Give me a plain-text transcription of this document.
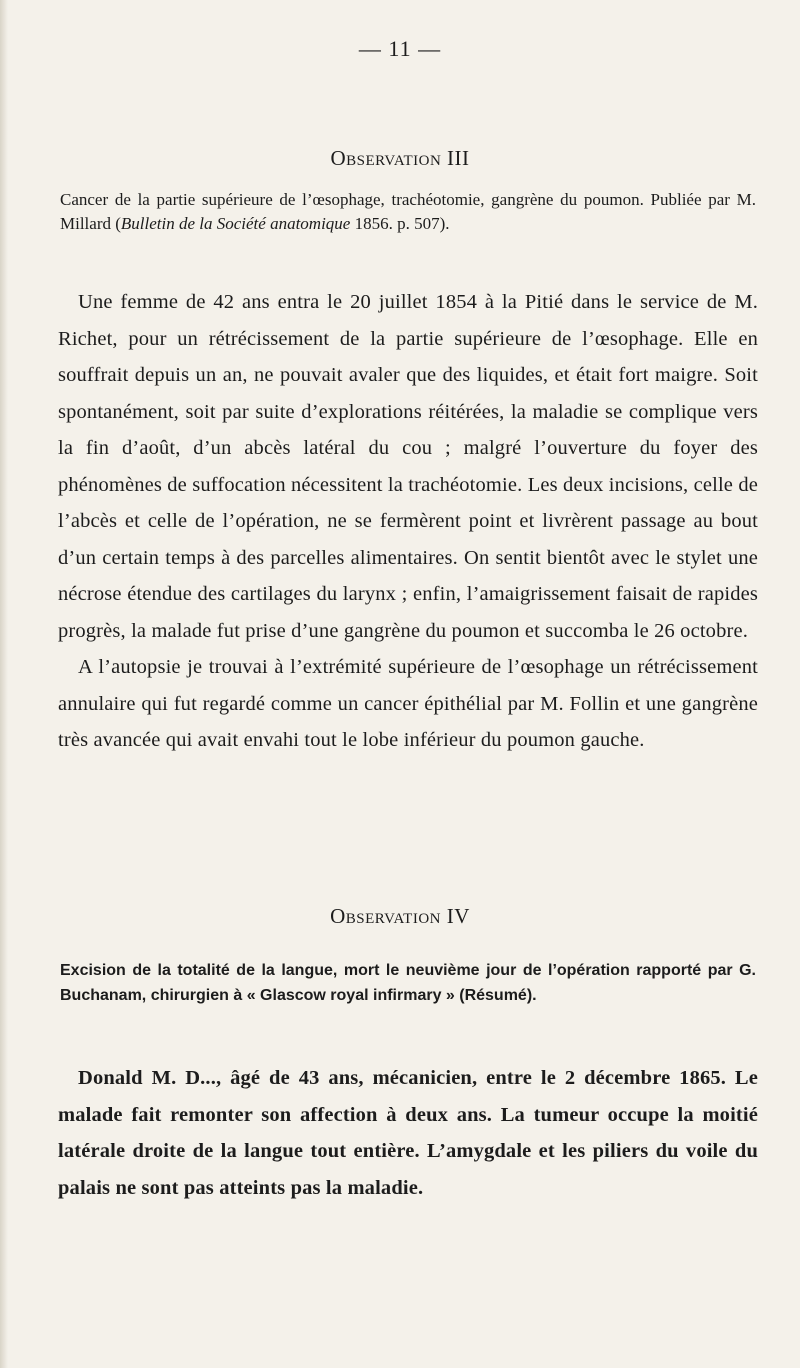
— 11 —
Observation III

Cancer de la partie supérieure de l’œsophage, trachéotomie, gangrène du poumon. Publiée par M. Millard (Bulletin de la Société anatomique 1856. p. 507).

Une femme de 42 ans entra le 20 juillet 1854 à la Pitié dans le service de M. Richet, pour un rétrécissement de la partie supérieure de l’œsophage. Elle en souffrait depuis un an, ne pouvait avaler que des liquides, et était fort maigre. Soit spontanément, soit par suite d’explorations réitérées, la maladie se complique vers la fin d’août, d’un abcès latéral du cou ; malgré l’ouverture du foyer des phénomènes de suffocation nécessitent la trachéotomie. Les deux incisions, celle de l’abcès et celle de l’opération, ne se fermèrent point et livrèrent passage au bout d’un certain temps à des parcelles alimentaires. On sentit bientôt avec le stylet une nécrose étendue des cartilages du larynx ; enfin, l’amaigrissement faisait de rapides progrès, la malade fut prise d’une gangrène du poumon et succomba le 26 octobre.

A l’autopsie je trouvai à l’extrémité supérieure de l’œsophage un rétrécissement annulaire qui fut regardé comme un cancer épithélial par M. Follin et une gangrène très avancée qui avait envahi tout le lobe inférieur du poumon gauche.

Observation IV

Excision de la totalité de la langue, mort le neuvième jour de l’opération rapporté par G. Buchanam, chirurgien à « Glascow royal infirmary » (Résumé).

Donald M. D..., âgé de 43 ans, mécanicien, entre le 2 décembre 1865. Le malade fait remonter son affection à deux ans. La tumeur occupe la moitié latérale droite de la langue tout entière. L’amygdale et les piliers du voile du palais ne sont pas atteints pas la maladie.
